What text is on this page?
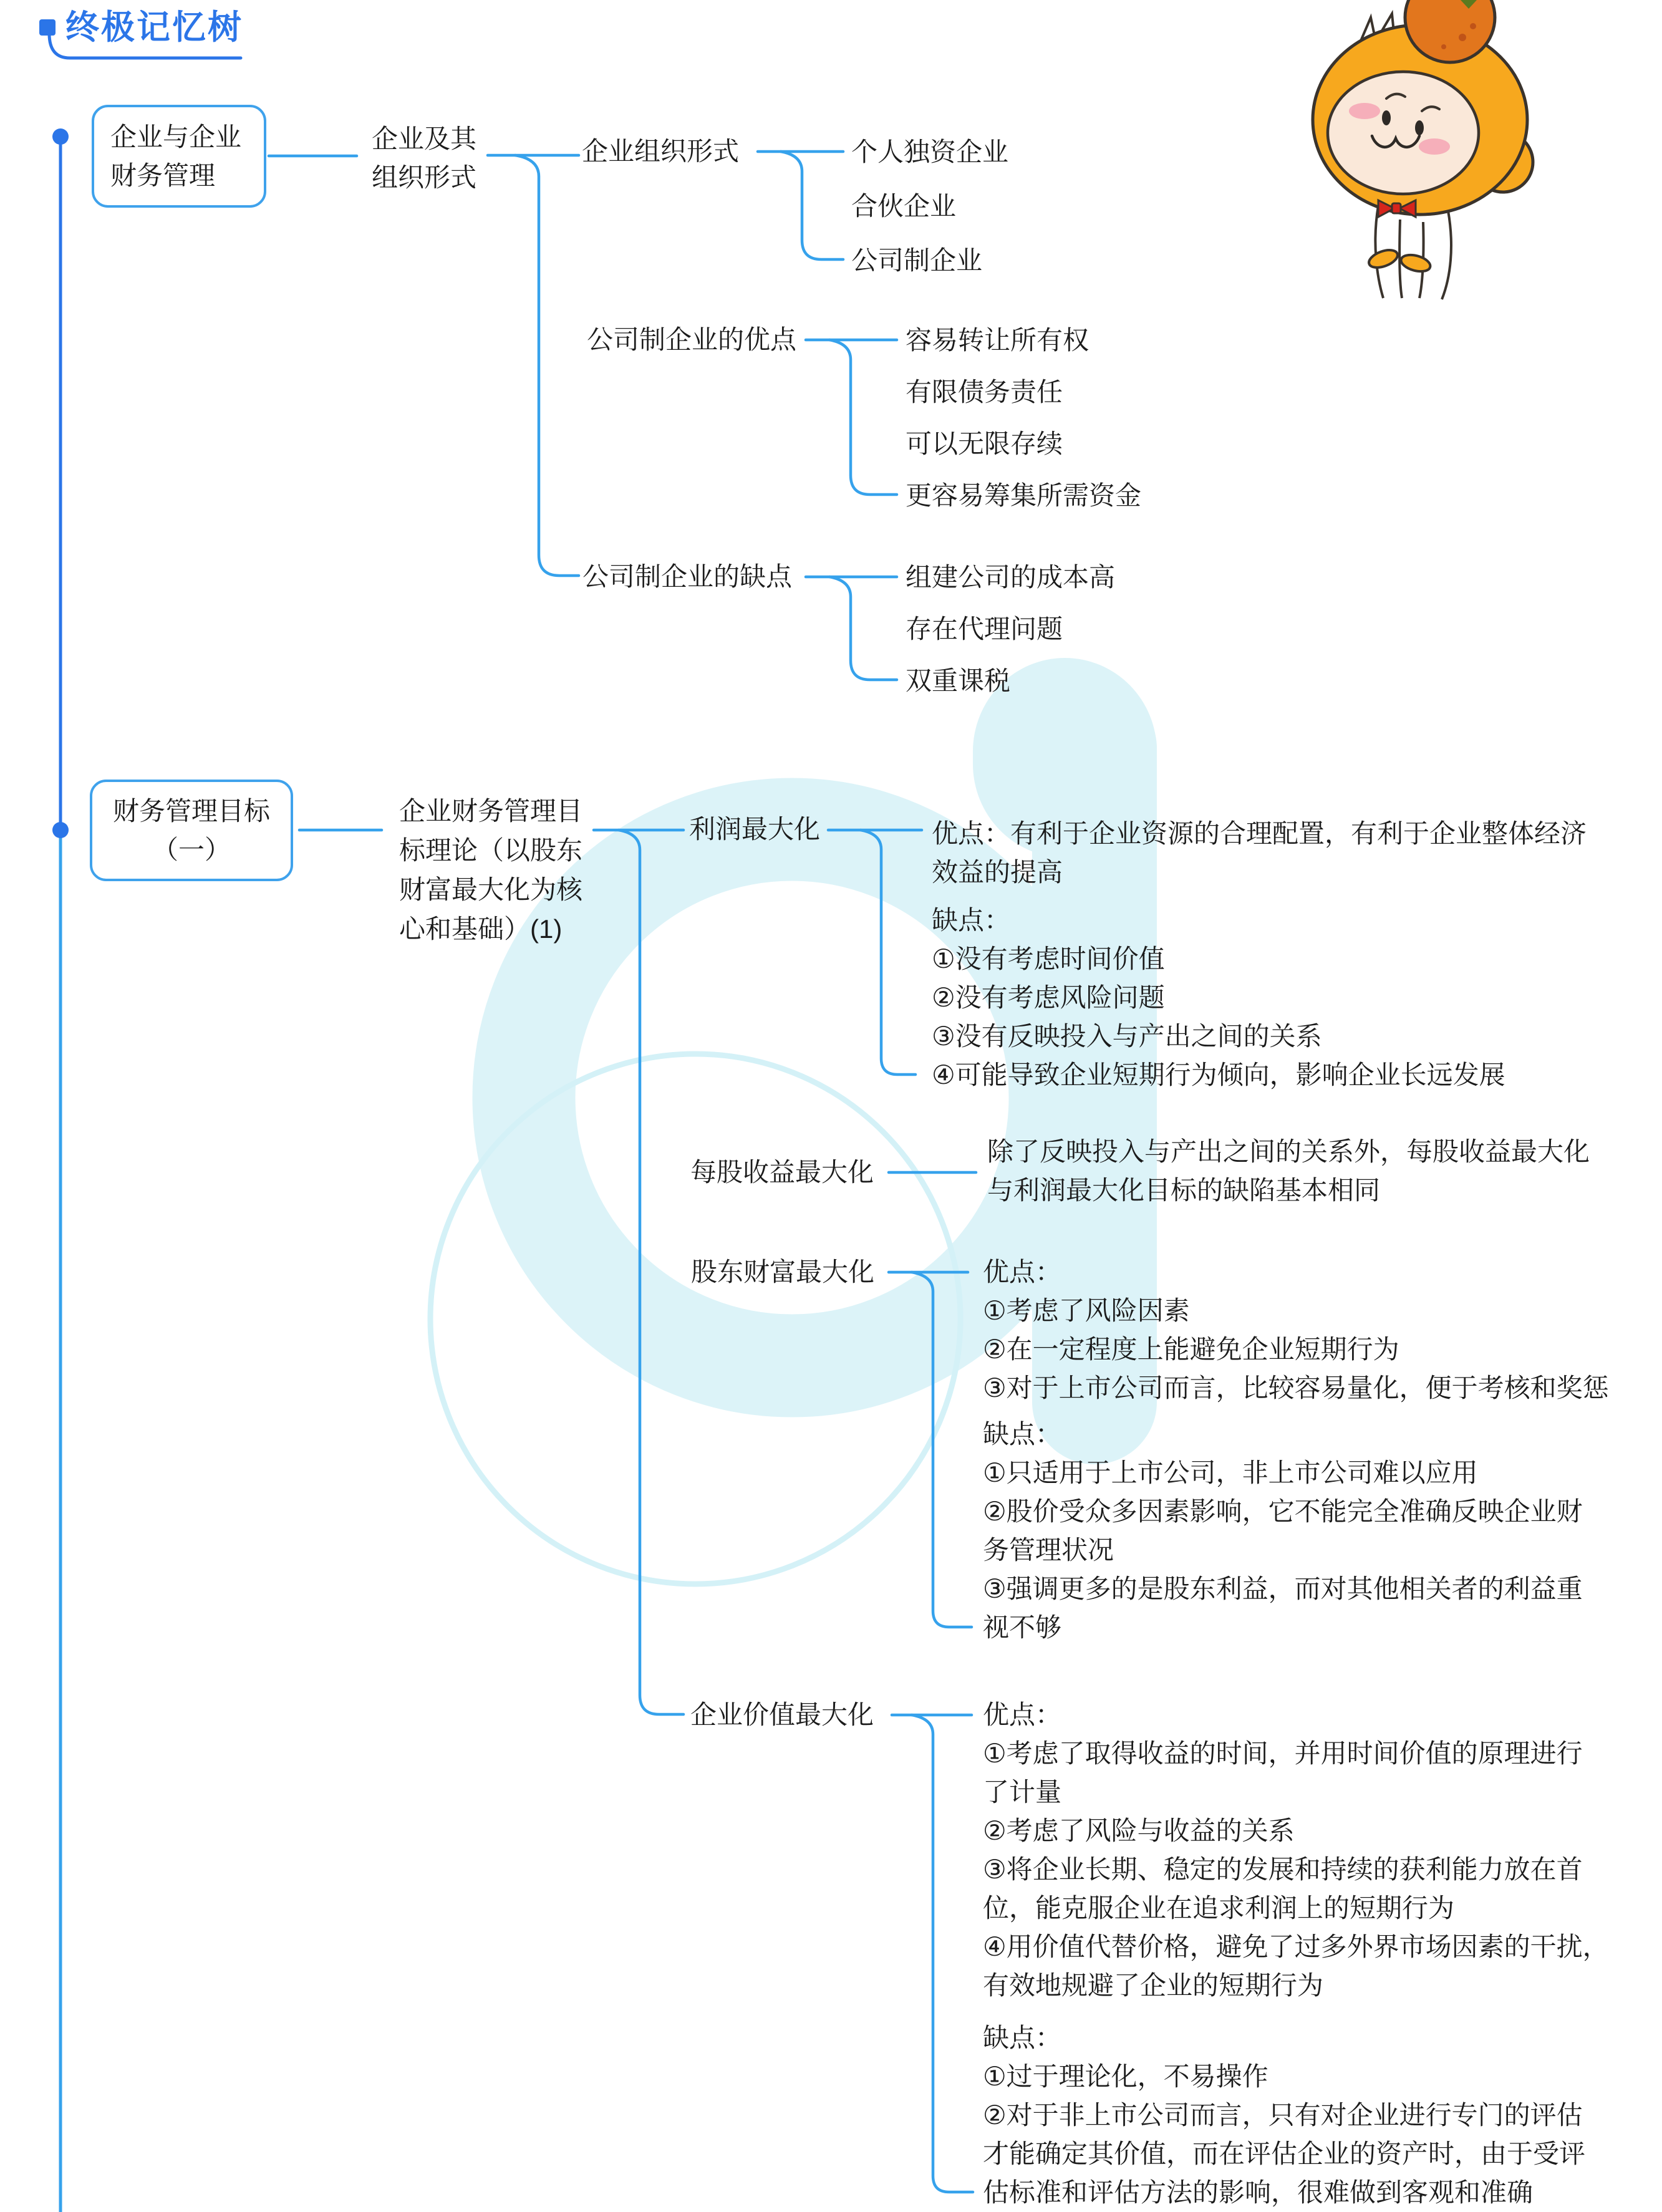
终极记忆树
企业与企业
财务管理
企业及其
组织形式
企业组织形式	个人独资企业
合伙企业
公司制企业
公司制企业的优点	容易转让所有权
有限债务责任
可以无限存续
更容易筹集所需资金
公司制企业的缺点	组建公司的成本高
存在代理问题
双重课税
财务管理目标
（一）
企业财务管理目
标理论（以股东
财富最大化为核
心和基础）(1)
利润最大化	优点：有利于企业资源的合理配置，有利于企业整体经济
效益的提高
缺点：
①没有考虑时间价值
②没有考虑风险问题
③没有反映投入与产出之间的关系
④可能导致企业短期行为倾向，影响企业长远发展
每股收益最大化
除了反映投入与产出之间的关系外，每股收益最大化
与利润最大化目标的缺陷基本相同
股东财富最大化	优点：
①考虑了风险因素
②在一定程度上能避免企业短期行为
③对于上市公司而言，比较容易量化，便于考核和奖惩
缺点：
①只适用于上市公司，非上市公司难以应用
②股价受众多因素影响，它不能完全准确反映企业财
务管理状况
③强调更多的是股东利益，而对其他相关者的利益重
视不够
企业价值最大化	优点：
①考虑了取得收益的时间，并用时间价值的原理进行
了计量
②考虑了风险与收益的关系
③将企业长期、稳定的发展和持续的获利能力放在首
位，能克服企业在追求利润上的短期行为
④用价值代替价格，避免了过多外界市场因素的干扰，
有效地规避了企业的短期行为
缺点：
①过于理论化，不易操作
②对于非上市公司而言，只有对企业进行专门的评估
才能确定其价值，而在评估企业的资产时，由于受评
估标准和评估方法的影响，很难做到客观和准确
